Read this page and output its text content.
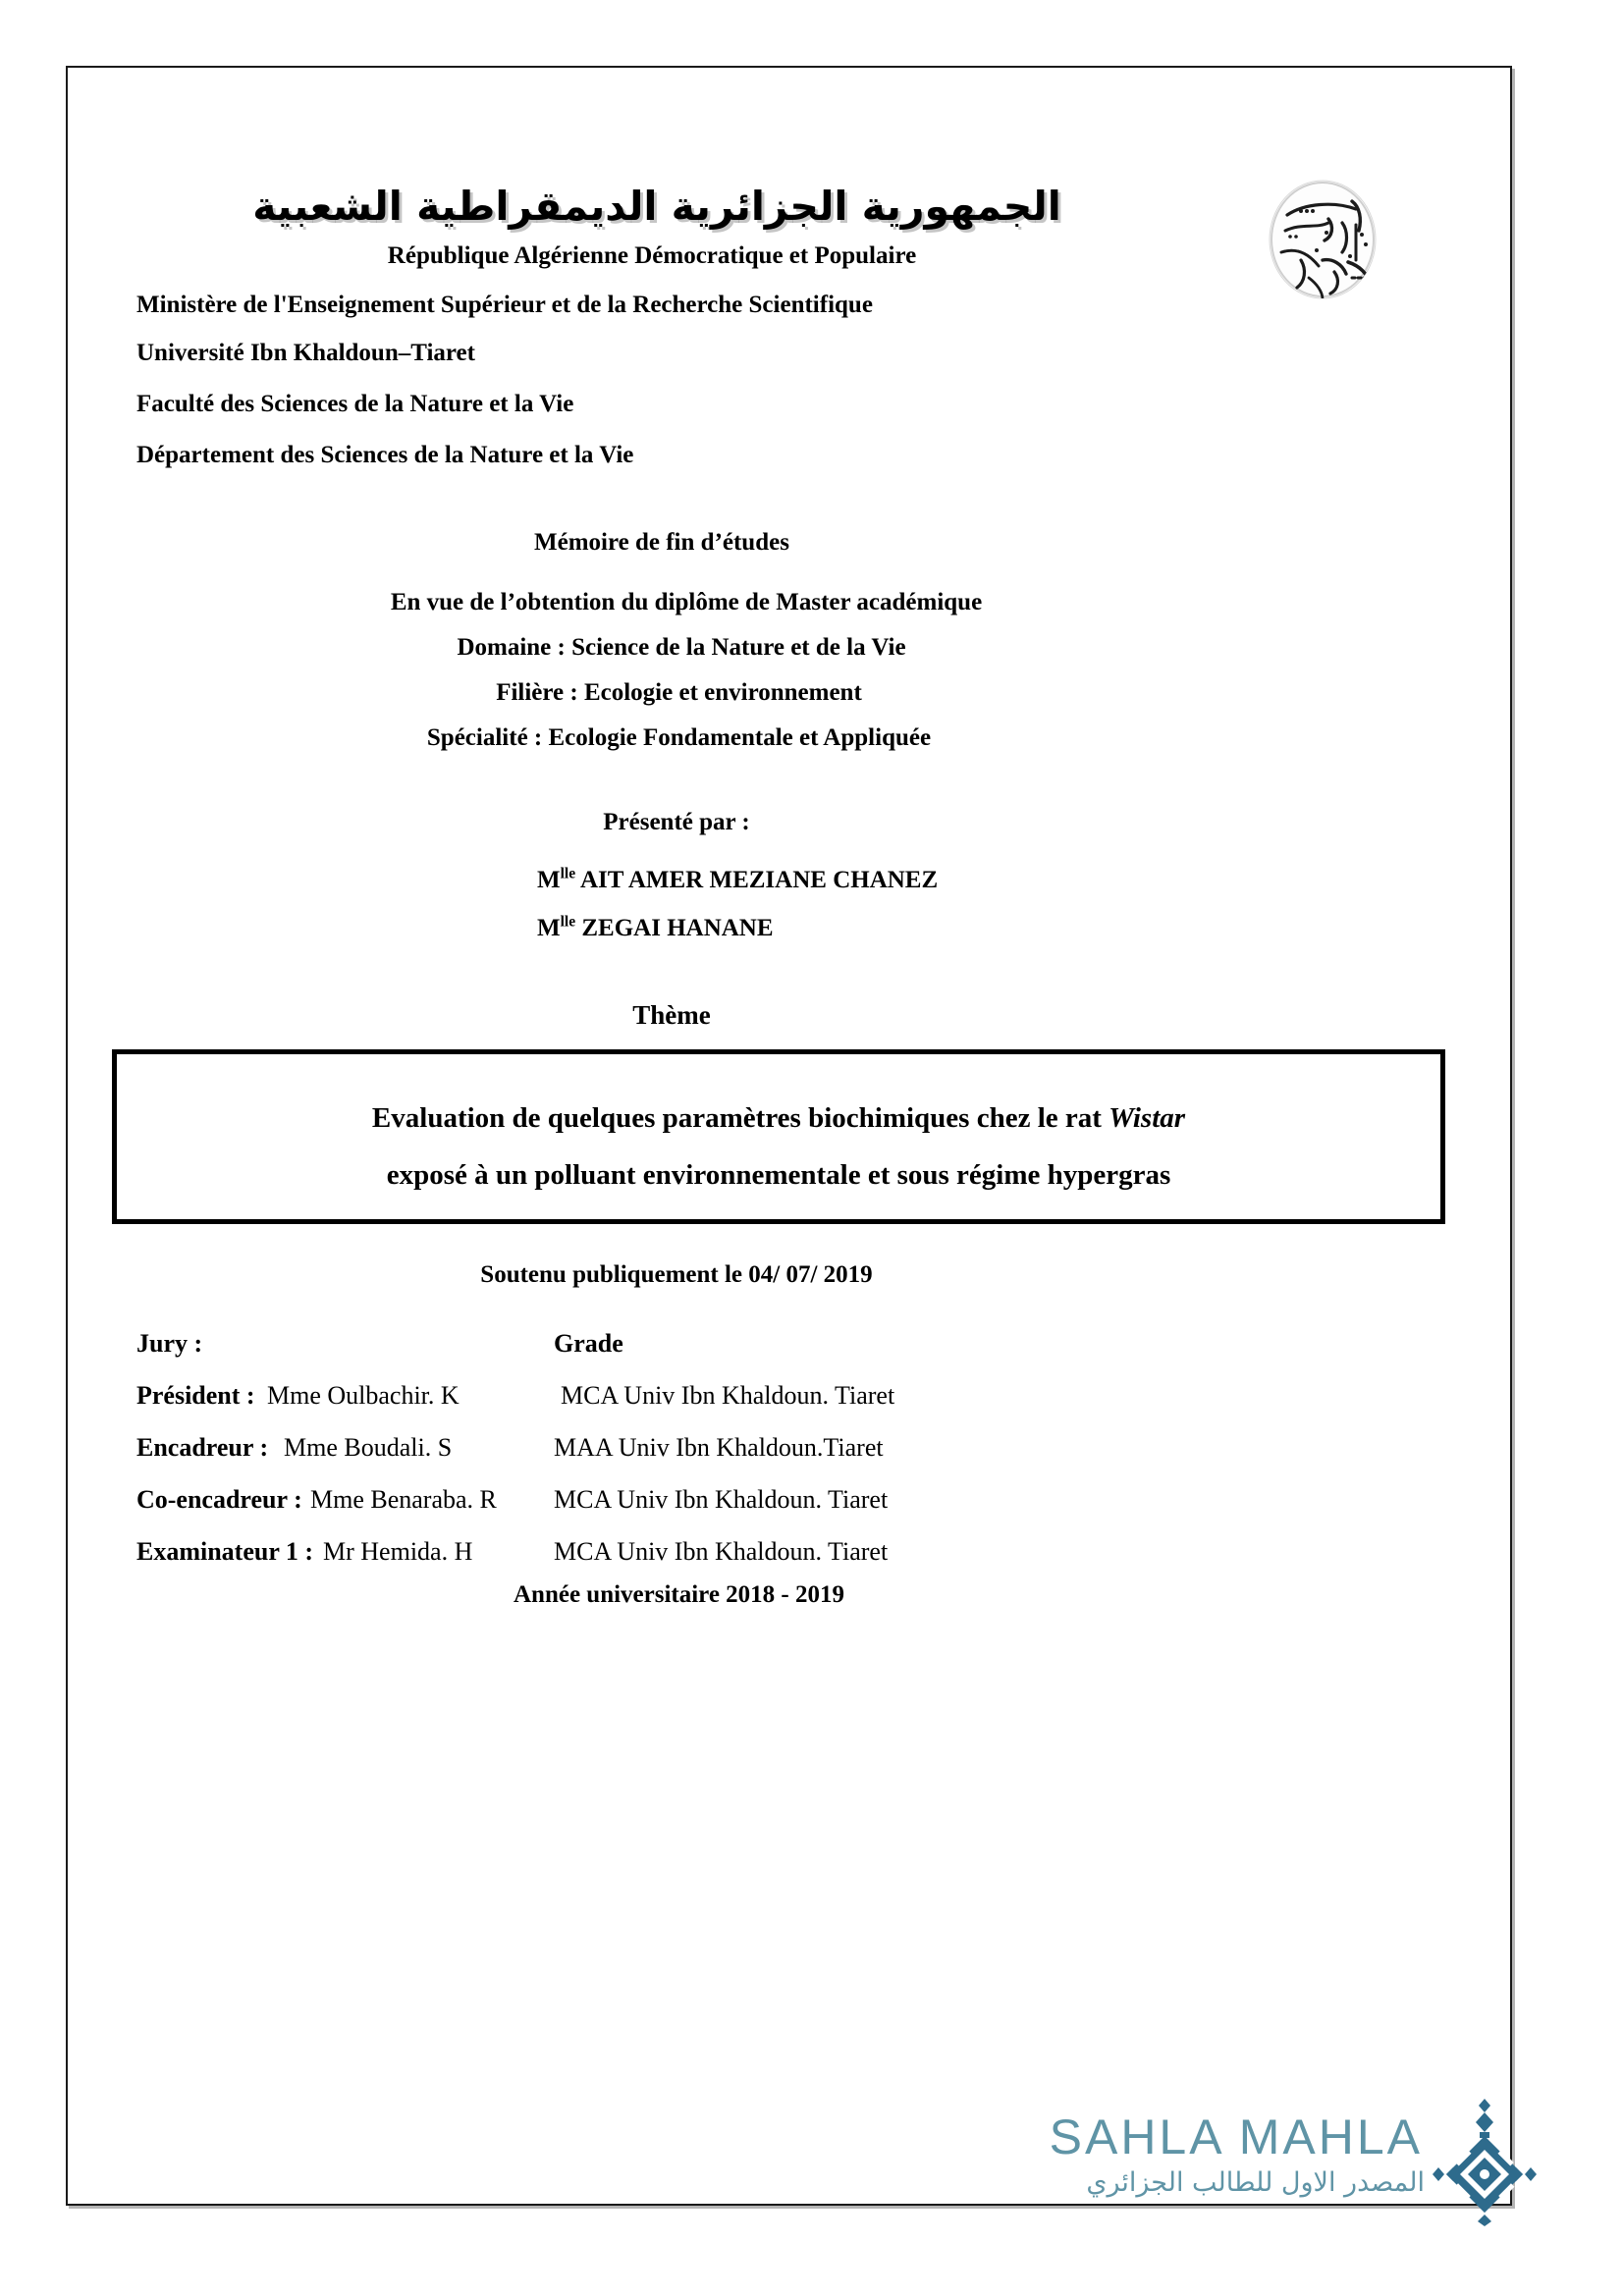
الجمهورية الجزائرية الديمقراطية الشعبية
République Algérienne Démocratique et Populaire
Ministère de l'Enseignement Supérieur et de la Recherche Scientifique
Université Ibn Khaldoun–Tiaret
Faculté des Sciences de la Nature et la Vie
Département des Sciences de la Nature et la Vie
Mémoire de fin d’études
En vue de l’obtention du diplôme de Master académique
Domaine : Science de la Nature et de la Vie
Filière : Ecologie et environnement
Spécialité : Ecologie Fondamentale et Appliquée
Présenté par :
$M^{lle}$ AIT AMER MEZIANE CHANEZ
$M^{lle}$ ZEGAI HANANE
Thème
Evaluation de quelques paramètres biochimiques chez le rat Wistar
exposé à un polluant environnementale et sous régime hypergras
Soutenu publiquement le 04/ 07/ 2019
Jury :	Grade
Président : Mme Oulbachir. K	MCA Univ Ibn Khaldoun. Tiaret
Encadreur : Mme Boudali. S	MAA Univ Ibn Khaldoun.Tiaret
Co-encadreur : Mme Benaraba. R MCA Univ Ibn Khaldoun. Tiaret
Examinateur 1 : Mr Hemida. H	MCA Univ Ibn Khaldoun. Tiaret
Année universitaire 2018 - 2019
SAHLA MAHLA
المصدر الاول للطالب الجزائري
